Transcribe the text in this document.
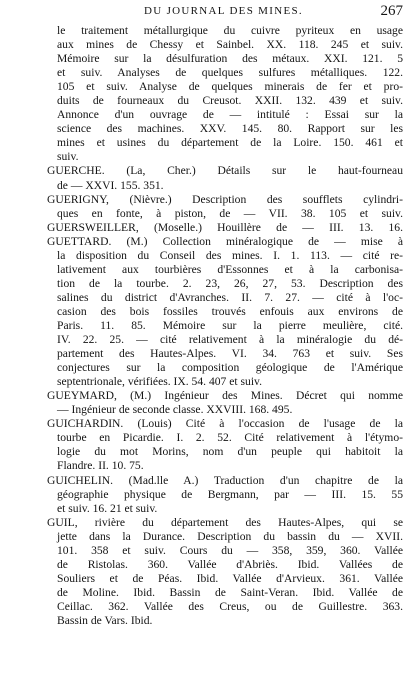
DU JOURNAL DES MINES.	267
le traitement métallurgique du cuivre pyriteux en usage
aux mines de Chessy et Sainbel. XX. 118. 245 et suiv.
Mémoire sur la désulfuration des métaux. XXI. 121. 5
et suiv. Analyses de quelques sulfures métalliques. 122.
105 et suiv. Analyse de quelques minerais de fer et pro-
duits de fourneaux du Creusot. XXII. 132. 439 et suiv.
Annonce d'un ouvrage de — intitulé : Essai sur la
science des machines. XXV. 145. 80. Rapport sur les
mines et usines du département de la Loire. 150. 461 et
suiv.
GUERCHE. (La, Cher.) Détails sur le haut-fourneau
de — XXVI. 155. 351.
GUERIGNY, (Nièvre.) Description des soufflets cylindri-
ques en fonte, à piston, de — VII. 38. 105 et suiv.
GUERSWEILLER, (Moselle.) Houillère de — III. 13. 16.
GUETTARD. (M.) Collection minéralogique de — mise à
la disposition du Conseil des mines. I. 1. 113. — cité re-
lativement aux tourbières d'Essonnes et à la carbonisa-
tion de la tourbe. 2. 23, 26, 27, 53. Description des
salines du district d'Avranches. II. 7. 27. — cité à l'oc-
casion des bois fossiles trouvés enfouis aux environs de
Paris. 11. 85. Mémoire sur la pierre meulière, cité.
IV. 22. 25. — cité relativement à la minéralogie du dé-
partement des Hautes-Alpes. VI. 34. 763 et suiv. Ses
conjectures sur la composition géologique de l'Amérique
septentrionale, vérifiées. IX. 54. 407 et suiv.
GUEYMARD, (M.) Ingénieur des Mines. Décret qui nomme
— Ingénieur de seconde classe. XXVIII. 168. 495.
GUICHARDIN. (Louis) Cité à l'occasion de l'usage de la
tourbe en Picardie. I. 2. 52. Cité relativement à l'étymo-
logie du mot Morins, nom d'un peuple qui habitoit la
Flandre. II. 10. 75.
GUICHELIN. (Mad.lle A.) Traduction d'un chapitre de la
géographie physique de Bergmann, par — III. 15. 55
et suiv. 16. 21 et suiv.
GUIL, rivière du département des Hautes-Alpes, qui se
jette dans la Durance. Description du bassin du — XVII.
101. 358 et suiv. Cours du — 358, 359, 360. Vallée
de Ristolas. 360. Vallée d'Abriès. Ibid. Vallées de
Souliers et de Péas. Ibid. Vallée d'Arvieux. 361. Vallée
de Moline. Ibid. Bassin de Saint-Veran. Ibid. Vallée de
Ceillac. 362. Vallée des Creus, ou de Guillestre. 363.
Bassin de Vars. Ibid.
